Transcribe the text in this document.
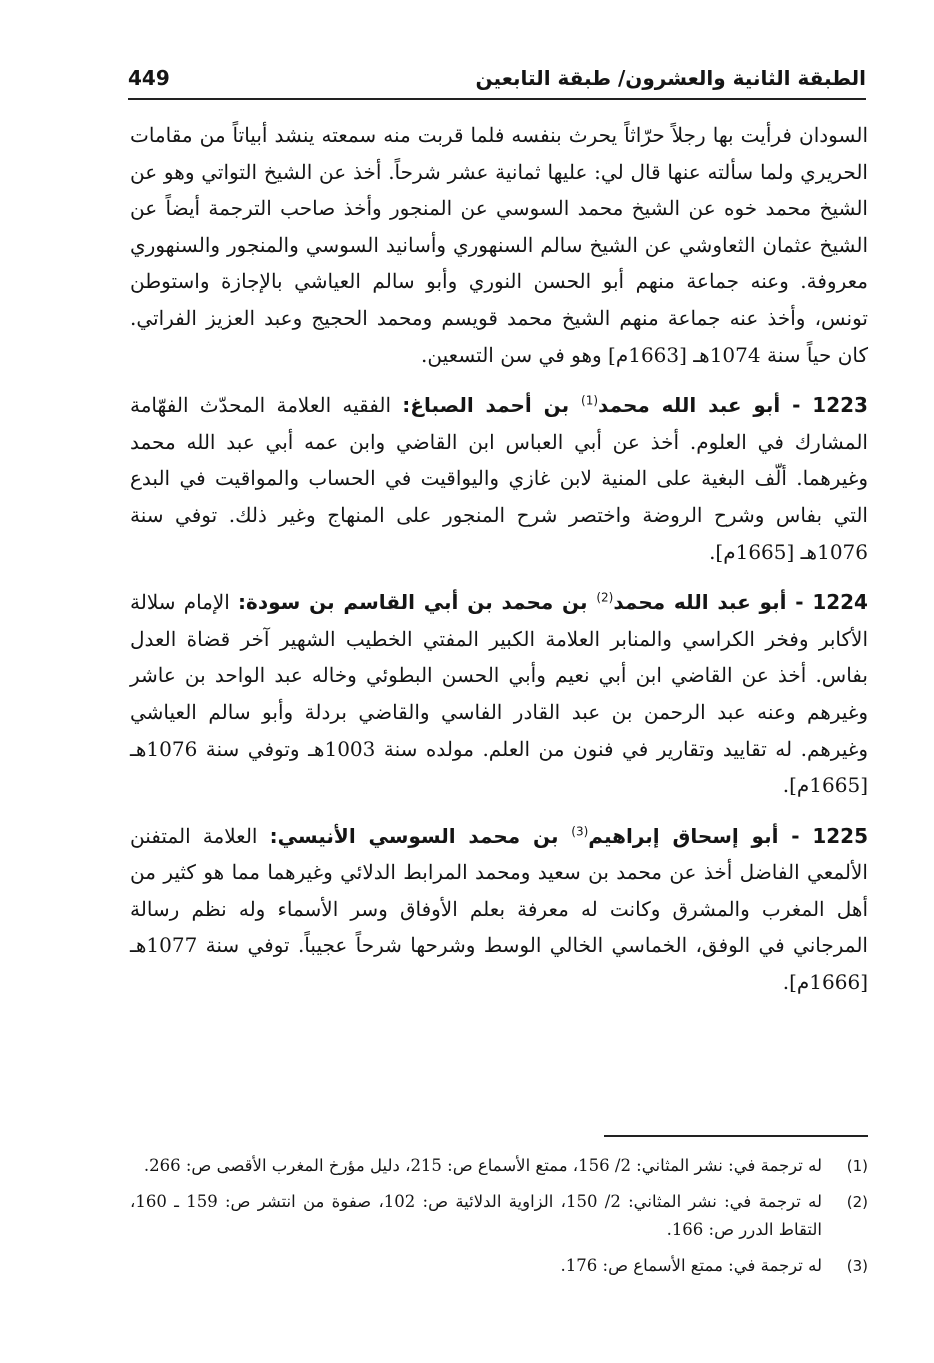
الطبقة الثانية والعشرون/ طبقة التابعين
449

السودان فرأيت بها رجلاً حرّاثاً يحرث بنفسه فلما قربت منه سمعته ينشد أبياتاً من مقامات الحريري ولما سألته عنها قال لي: عليها ثمانية عشر شرحاً. أخذ عن الشيخ التواتي وهو عن الشيخ محمد خوه عن الشيخ محمد السوسي عن المنجور وأخذ صاحب الترجمة أيضاً عن الشيخ عثمان الثعاوشي عن الشيخ سالم السنهوري وأسانيد السوسي والمنجور والسنهوري معروفة. وعنه جماعة منهم أبو الحسن النوري وأبو سالم العياشي بالإجازة واستوطن تونس، وأخذ عنه جماعة منهم الشيخ محمد قويسم ومحمد الحجيج وعبد العزيز الفراتي. كان حياً سنة 1074هـ [1663م] وهو في سن التسعين.

1223 - أبو عبد الله محمد$^{(1)}$ بن أحمد الصباغ: الفقيه العلامة المحدّث الفهّامة المشارك في العلوم. أخذ عن أبي العباس ابن القاضي وابن عمه أبي عبد الله محمد وغيرهما. ألّف البغية على المنية لابن غازي واليواقيت في الحساب والمواقيت في البدع التي بفاس وشرح الروضة واختصر شرح المنجور على المنهاج وغير ذلك. توفي سنة 1076هـ [1665م].

1224 - أبو عبد الله محمد$^{(2)}$ بن محمد بن أبي القاسم بن سودة: الإمام سلالة الأكابر وفخر الكراسي والمنابر العلامة الكبير المفتي الخطيب الشهير آخر قضاة العدل بفاس. أخذ عن القاضي ابن أبي نعيم وأبي الحسن البطوئي وخاله عبد الواحد بن عاشر وغيرهم وعنه عبد الرحمن بن عبد القادر الفاسي والقاضي بردلة وأبو سالم العياشي وغيرهم. له تقاييد وتقارير في فنون من العلم. مولده سنة 1003هـ وتوفي سنة 1076هـ [1665م].

1225 - أبو إسحاق إبراهيم$^{(3)}$ بن محمد السوسي الأنيسي: العلامة المتفنن الألمعي الفاضل أخذ عن محمد بن سعيد ومحمد المرابط الدلائي وغيرهما مما هو كثير من أهل المغرب والمشرق وكانت له معرفة بعلم الأوفاق وسر الأسماء وله نظم رسالة المرجاني في الوفق، الخماسي الخالي الوسط وشرحها شرحاً عجيباً. توفي سنة 1077هـ [1666م].

(1)
له ترجمة في: نشر المثاني: 2/ 156، ممتع الأسماع ص: 215، دليل مؤرخ المغرب الأقصى ص: 266.
(2)
له ترجمة في: نشر المثاني: 2/ 150، الزاوية الدلائية ص: 102، صفوة من انتشر ص: 159 ـ 160، التقاط الدرر ص: 166.
(3)
له ترجمة في: ممتع الأسماع ص: 176.
